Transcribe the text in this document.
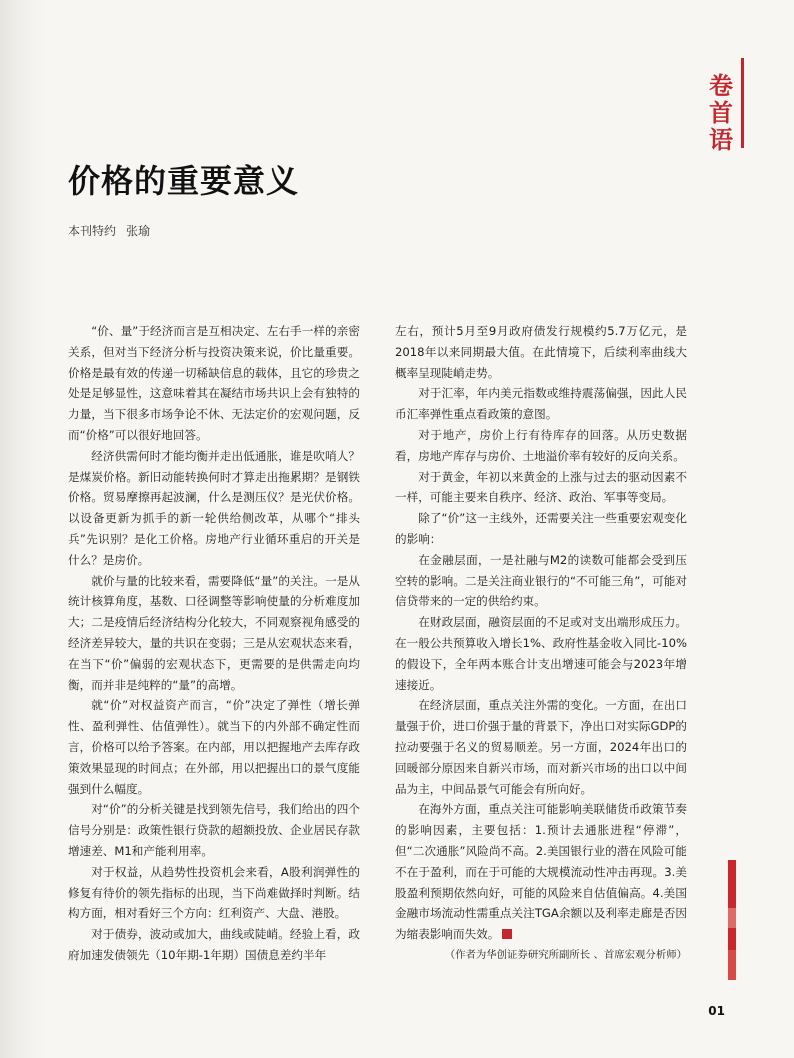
卷
首
语
价格的重要意义
本刊特约 张瑜

“价、量”于经济而言是互相决定、左右手一样的亲密关系，但对当下经济分析与投资决策来说，价比量重要。价格是最有效的传递一切稀缺信息的载体，且它的珍贵之处是足够显性，这意味着其在凝结市场共识上会有独特的力量，当下很多市场争论不休、无法定价的宏观问题，反而“价格”可以很好地回答。

经济供需何时才能均衡并走出低通胀，谁是吹哨人？是煤炭价格。新旧动能转换何时才算走出拖累期？是钢铁价格。贸易摩擦再起波澜，什么是测压仪？是光伏价格。以设备更新为抓手的新一轮供给侧改革，从哪个“排头兵”先识别？是化工价格。房地产行业循环重启的开关是什么？是房价。

就价与量的比较来看，需要降低“量”的关注。一是从统计核算角度，基数、口径调整等影响使量的分析难度加大；二是疫情后经济结构分化较大，不同观察视角感受的经济差异较大，量的共识在变弱；三是从宏观状态来看，在当下“价”偏弱的宏观状态下，更需要的是供需走向均衡，而并非是纯粹的“量”的高增。

就“价”对权益资产而言，“价”决定了弹性（增长弹性、盈利弹性、估值弹性）。就当下的内外部不确定性而言，价格可以给予答案。在内部，用以把握地产去库存政策效果显现的时间点；在外部，用以把握出口的景气度能强到什么幅度。

对“价”的分析关键是找到领先信号，我们给出的四个信号分别是：政策性银行贷款的超额投放、企业居民存款增速差、M1和产能利用率。

对于权益，从趋势性投资机会来看，A股利润弹性的修复有待价的领先指标的出现，当下尚难做择时判断。结构方面，相对看好三个方向：红利资产、大盘、港股。

对于债券，波动或加大，曲线或陡峭。经验上看，政府加速发债领先（10年期-1年期）国债息差约半年

左右，预计5月至9月政府债发行规模约5.7万亿元，是2018年以来同期最大值。在此情境下，后续利率曲线大概率呈现陡峭走势。

对于汇率，年内美元指数或维持震荡偏强，因此人民币汇率弹性重点看政策的意图。

对于地产，房价上行有待库存的回落。从历史数据看，房地产库存与房价、土地溢价率有较好的反向关系。

对于黄金，年初以来黄金的上涨与过去的驱动因素不一样，可能主要来自秩序、经济、政治、军事等变局。

除了“价”这一主线外，还需要关注一些重要宏观变化的影响：

在金融层面，一是社融与M2的读数可能都会受到压空转的影响。二是关注商业银行的“不可能三角”，可能对信贷带来的一定的供给约束。

在财政层面，融资层面的不足或对支出端形成压力。在一般公共预算收入增长1%、政府性基金收入同比-10%的假设下，全年两本账合计支出增速可能会与2023年增速接近。

在经济层面，重点关注外需的变化。一方面，在出口量强于价，进口价强于量的背景下，净出口对实际GDP的拉动要强于名义的贸易顺差。另一方面，2024年出口的回暖部分原因来自新兴市场，而对新兴市场的出口以中间品为主，中间品景气可能会有所向好。

在海外方面，重点关注可能影响美联储货币政策节奏的影响因素，主要包括：1.预计去通胀进程“停滞”，但“二次通胀”风险尚不高。2.美国银行业的潜在风险可能不在于盈利，而在于可能的大规模流动性冲击再现。3.美股盈利预期依然向好，可能的风险来自估值偏高。4.美国金融市场流动性需重点关注TGA余额以及利率走廊是否因为缩表影响而失效。

（作者为华创证券研究所副所长 、首席宏观分析师）

01
